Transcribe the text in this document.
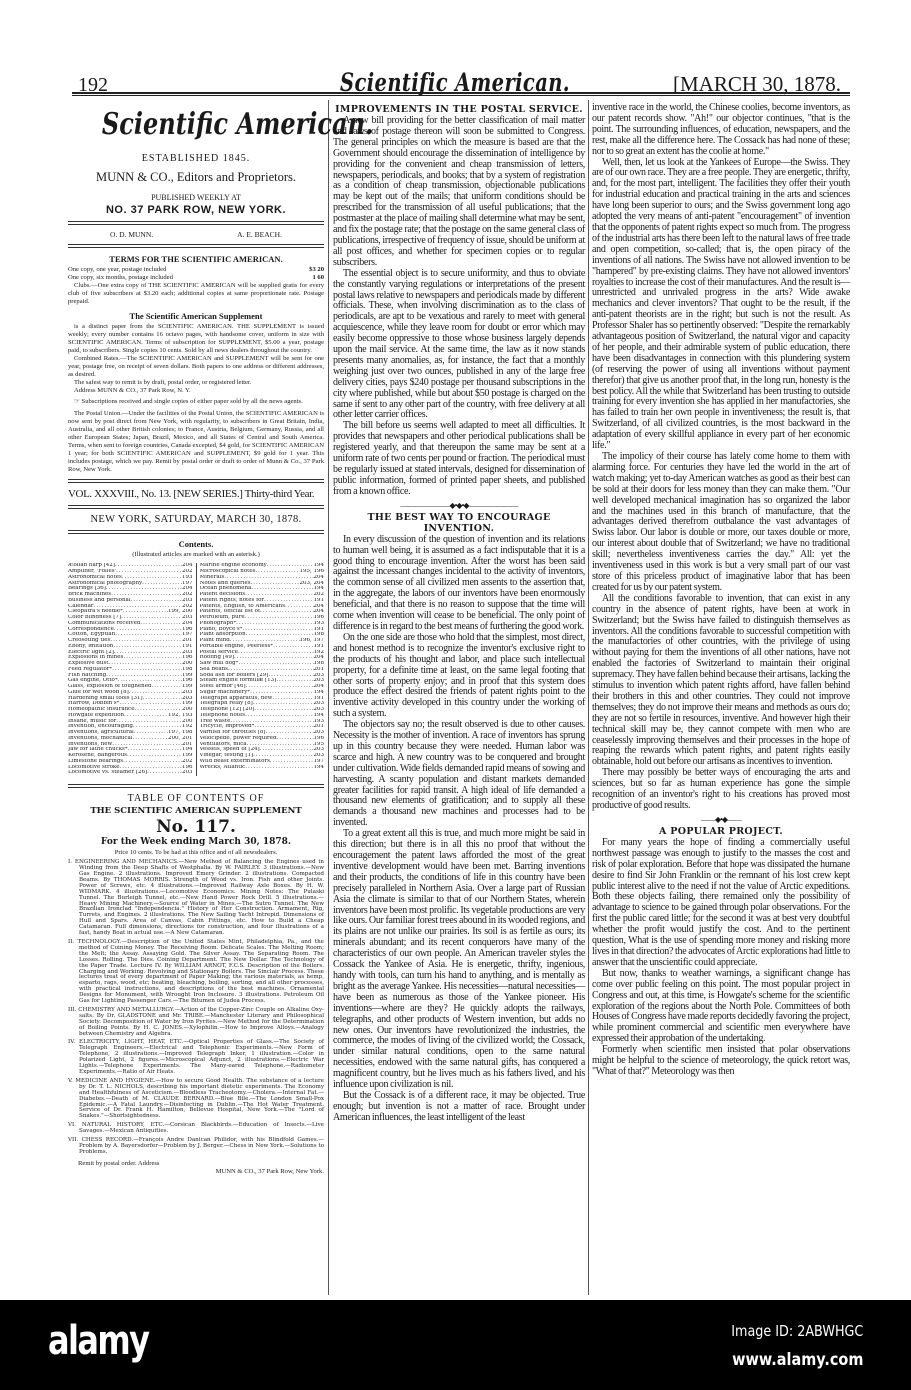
192	Scientific American.	[MARCH 30, 1878.
Scientific American.
ESTABLISHED 1845.
MUNN & CO., Editors and Proprietors.
PUBLISHED WEEKLY AT
NO. 37 PARK ROW, NEW YORK.
O. D. MUNN.	A. E. BEACH.
TERMS FOR THE SCIENTIFIC AMERICAN.
One copy, one year, postage included	$3 20
One copy, six months, postage included	1 60

Clubs.—One extra copy of THE SCIENTIFIC AMERICAN will be supplied gratis for every club of five subscribers at $3.20 each; additional copies at same proportionate rate. Postage prepaid.

The Scientific American Supplement

is a distinct paper from the SCIENTIFIC AMERICAN. THE SUPPLEMENT is issued weekly; every number contains 16 octavo pages, with handsome cover, uniform in size with SCIENTIFIC AMERICAN. Terms of subscription for SUPPLEMENT, $5.00 a year, postage paid, to subscribers. Single copies 10 cents. Sold by all news dealers throughout the country.

Combined Rates.—The SCIENTIFIC AMERICAN and SUPPLEMENT will be sent for one year, postage free, on receipt of seven dollars. Both papers to one address or different addresses, as desired.

The safest way to remit is by draft, postal order, or registered letter.

Address MUNN & CO., 37 Park Row, N. Y.

☞ Subscriptions received and single copies of either paper sold by all the news agents.

The Postal Union.—Under the facilities of the Postal Union, the SCIENTIFIC AMERICAN is now sent by post direct from New York, with regularity, to subscribers in Great Britain, India, Australia, and all other British colonies; to France, Austria, Belgium, Germany, Russia, and all other European States; Japan, Brazil, Mexico, and all States of Central and South America. Terms, when sent to foreign countries, Canada excepted, $4 gold, for SCIENTIFIC AMERICAN 1 year; for both SCIENTIFIC AMERICAN and SUPPLEMENT, $9 gold for 1 year. This includes postage, which we pay. Remit by postal order or draft to order of Munn & Co., 37 Park Row, New York.

VOL. XXXVIII., No. 13. [NEW SERIES.] Thirty-third Year.
NEW YORK, SATURDAY, MARCH 30, 1878.
Contents.
(Illustrated articles are marked with an asterisk.)
Æolian harp [42] .....	204
Amplifier, 'Folles' .....	202
Astronomical notes .....	193
Astronomical photography .....	197
Bearings [36] .....	204
Brick machines .....	202
Business and personal .....	203
Calendar .....	202
Cleopatra's needle* .....	199, 200
Color blindness [7] .....	203
Communications received .....	204
Correspondence .....	196
Cotton, Egyptian .....	197
Creosoting ties .....	201
Ebony, imitation .....	191
Electric light [2] .....	203
Explosions in mines .....	196
Explosive dust .....	200
Feed regulator* .....	198
Fish hatching .....	199
Gas engine, Otto* .....	196
Glass, explosion of toughened .....	199
Glue for wet wood [8] .....	203
Hardening small tools [31] .....	203
Harrow, Dobbin's* .....	199
Homeopathic insurance .....	200
Howgate expedition .....	192, 193
Insane, music for .....	200
Invention, encouraging .....	192
Inventions, agricultural .....	197, 198
Inventions, mechanical .....	200, 201
Inventions, new .....	201
Jaw for lathe chucks* .....	194
Kerosene, dangerous .....	199
Limestone bearings .....	202
Locomotive stroke .....	196
Locomotive vs. steamer [26] .....	203
Marine engine economy .....	194
Microscopical notes .....	195, 196
Minerals .....	204
Notes and queries .....	203, 204
Ocean phenomena .....	194
Patent decisions .....	202
Patent rights, notes for .....	191
Patents, English, to Americans .....	204
Patents, official list of .....	204
Petroleum, pure .....	196
Phonograph* .....	193
Piano, Boyce's* .....	191
Plant absorption .....	198
Plant mind .....	196, 197
Portable engine, Peerless* .....	191
Postal service .....	192
Roofing [49] .....	204
Saw mill dog* .....	198
Sea beans .....	201
Soda ash for boilers [29] .....	203
Steam engine formulæ [13] .....	203
Steel armor [46] .....	204
Sugar machinery* .....	194
Telegraph apparatus, new .....	191
Telegraph relay [8] .....	203
Telephone [12] [20] .....	203
Telephone notes .....	194
Tree waste .....	193
Tricycle, improved* .....	201
Varnish for throttles [8] .....	203
Velocipede, power required .....	196
Ventilators, mica .....	195
Vessels, speed of [24] .....	203
Vinegar, testing [1] .....	203
Wild beast exterminators .....	197
Wrecks, Atlantic .....	194
TABLE OF CONTENTS OF
THE SCIENTIFIC AMERICAN SUPPLEMENT
No. 117.
For the Week ending March 30, 1878.
Price 10 cents. To be had at this office and of all newsdealers.
I. ENGINEERING AND MECHANICS.—New Method of Balancing the Engines used in Winding from the Deep Shafts of Westphalia. By W. FAIRLEY. 3 illustrations.—New Gas Engine. 2 illustrations. Improved Emery Grinder. 2 illustrations. Compacted Beams. By THOMAS MORRIS. Strength of Wood vs. Iron. Fish and other Joints. Power of Screws, etc. 4 illustrations.—Improved Railway Axle Boxes. By H. W. WIDMARK. 4 illustrations.—Locomotive Economics. Mining Notes: The Pulaski Tunnel. The Burleigh Tunnel, etc.—New Hand Power Rock Drill. 5 illustrations.—Heavy Mining Machinery.—Source of Water in Mines.—The Sutro Tunnel. The New Brazilian Ironclad "Independencia." History of Her Construction. Armament, Rig, Turrets, and Engines. 2 illustrations. The New Sailing Yacht Intrepid. Dimensions of Hull and Spars. Area of Canvas, Cabin Fittings, etc. How to Build a Cheap Catamaran. Full dimensions, directions for construction, and four illustrations of a fast, handy Boat in actual use.—A New Catamaran.
II. TECHNOLOGY.—Description of the United States Mint, Philadelphia, Pa., and the method of Coining Money. The Receiving Room. Delicate Scales. The Melting Room; the Melt; the Assay. Assaying Gold. The Silver Assay. The Separating Room. The Losses. Rolling. The Dies. Coining Department. The New Dollar. The Technology of the Paper Trade. Lecture IV. By WILLIAM ARNOT, F.C.S. Description of the Boilers. Charging and Working. Revolving and Stationary Boilers. The Sinclair Process. These lectures treat of every department of Paper Making; the various materials, as hemp, esparto, rags, wood, etc; beating, bleaching, boiling, sorting, and all other processes, with practical instructions, and descriptions of the best machines. Ornamental Designs for Monument, with Wrought Iron Inclosure. 3 illustrations. Petroleum Oil Gas for Lighting Passenger Cars.—The Bitumen of Judea Process.
III. CHEMISTRY AND METALLURGY.—Action of the Copper-Zinc Couple on Alkaline Oxy-salts. By Dr. GLADSTONE and Mr. TRIBE.—Manchester Literary and Philosophical Society. Decomposition of Water by Iron Pyrites.—New Method for the Determination of Boiling Points. By H. C. JONES.—Xylophilin.—How to Improve Alloys.—Analogy between Chemistry and Algebra.
IV. ELECTRICITY, LIGHT, HEAT, ETC.—Optical Properties of Glass.—The Society of Telegraph Engineers.—Electrical and Telephonic Experiments.—New Form of Telephone, 2 illustrations.—Improved Telegraph Inker, 1 illustration.—Color in Polarized Light, 2 figures.—Microscopical Adjunct, 2 illustrations.—Electric War Lights.—Telephone Experiments. The Many-eared Telephone.—Radiometer Experiments.—Ratio of Air Heats.
V. MEDICINE AND HYGIENE.—How to secure Good Health. The substance of a lecture by Dr. T. L. NICHOLS, describing his important dietetic experiments. The Economy and Healthfulness of Asceticism.—Bloodless Tracheotomy.—Cholera.—Internal Fat.—Diabetes.—Death of M. CLAUDE BERNARD.—Blue Bile.—The London Small-Pox Epidemic.—A Fatal Laundry.—Disinfecting in Dublin.—The Hot Water Treatment. Service of Dr. Frank H. Hamilton, Bellevue Hospital, New York.—The "Lord of Snakes."—Shortsightedness.
VI. NATURAL HISTORY, ETC.—Corsican Blackbirds.—Education of Insects.—Live Savages.—Mexican Antiquities.
VII. CHESS RECORD.—François Andre Danican Philidor, with his Blindfold Games.—Problem by A. Bayersdorfer—Problem by J. Berger.—Chess in New York.—Solutions to Problems.
Remit by postal order. Address
MUNN & CO., 37 Park Row, New York.
IMPROVEMENTS IN THE POSTAL SERVICE.

A new bill providing for the better classification of mail matter and rates of postage thereon will soon be submitted to Congress. The general principles on which the measure is based are that the Government should encourage the dissemination of intelligence by providing for the convenient and cheap transmission of letters, newspapers, periodicals, and books; that by a system of registration as a condition of cheap transmission, objectionable publications may be kept out of the mails; that uniform conditions should be prescribed for the transmission of all useful publications; that the postmaster at the place of mailing shall determine what may be sent, and fix the postage rate; that the postage on the same general class of publications, irrespective of frequency of issue, should be uniform at all post offices, and whether for specimen copies or to regular subscribers.

The essential object is to secure uniformity, and thus to obviate the constantly varying regulations or interpretations of the present postal laws relative to newspapers and periodicals made by different officials. These, when involving discrimination as to the class of periodicals, are apt to be vexatious and rarely to meet with general acquiescence, while they leave room for doubt or error which may easily become oppressive to those whose business largely depends upon the mail service. At the same time, the law as it now stands presents many anomalies, as, for instance, the fact that a monthly weighing just over two ounces, published in any of the large free delivery cities, pays $240 postage per thousand subscriptions in the city where published, while but about $50 postage is charged on the same if sent to any other part of the country, with free delivery at all other letter carrier offices.

The bill before us seems well adapted to meet all difficulties. It provides that newspapers and other periodical publications shall be registered yearly, and that thereupon the same may be sent at a uniform rate of two cents per pound or fraction. The periodical must be regularly issued at stated intervals, designed for dissemination of public information, formed of printed paper sheets, and published from a known office.

———————◆•◆•◆———————
THE BEST WAY TO ENCOURAGE INVENTION.

In every discussion of the question of invention and its relations to human well being, it is assumed as a fact indisputable that it is a good thing to encourage invention. After the worst has been said against the incessant changes incidental to the activity of inventors, the common sense of all civilized men assents to the assertion that, in the aggregate, the labors of our inventors have been enormously beneficial, and that there is no reason to suppose that the time will come when invention will cease to be beneficial. The only point of difference is in regard to the best means of furthering the good work.

On the one side are those who hold that the simplest, most direct, and honest method is to recognize the inventor's exclusive right to the products of his thought and labor, and place such intellectual property, for a definite time at least, on the same legal footing that other sorts of property enjoy; and in proof that this system does produce the effect desired the friends of patent rights point to the inventive activity developed in this country under the working of such a system.

The objectors say no; the result observed is due to other causes. Necessity is the mother of invention. A race of inventors has sprung up in this country because they were needed. Human labor was scarce and high. A new country was to be conquered and brought under cultivation. Wide fields demanded rapid means of sowing and harvesting. A scanty population and distant markets demanded greater facilities for rapid transit. A high ideal of life demanded a thousand new elements of gratification; and to supply all these demands a thousand new machines and processes had to be invented.

To a great extent all this is true, and much more might be said in this direction; but there is in all this no proof that without the encouragement the patent laws afforded the most of the great inventive development would have been met. Barring inventions and their products, the conditions of life in this country have been precisely paralleled in Northern Asia. Over a large part of Russian Asia the climate is similar to that of our Northern States, wherein inventors have been most prolific. Its vegetable productions are very like ours. Our familiar forest trees abound in its wooded regions, and its plains are not unlike our prairies. Its soil is as fertile as ours; its minerals abundant; and its recent conquerors have many of the characteristics of our own people. An American traveler styles the Cossack the Yankee of Asia. He is energetic, thrifty, ingenious, handy with tools, can turn his hand to anything, and is mentally as bright as the average Yankee. His necessities—natural necessities—have been as numerous as those of the Yankee pioneer. His inventions—where are they? He quickly adopts the railways, telegraphs, and other products of Western invention, but adds no new ones. Our inventors have revolutionized the industries, the commerce, the modes of living of the civilized world; the Cossack, under similar natural conditions, open to the same natural necessities, endowed with the same natural gifts, has conquered a magnificent country, but he lives much as his fathers lived, and his influence upon civilization is nil.

But the Cossack is of a different race, it may be objected. True enough; but invention is not a matter of race. Brought under American influences, the least intelligent of the least

inventive race in the world, the Chinese coolies, become inventors, as our patent records show. "Ah!" our objector continues, "that is the point. The surrounding influences, of education, newspapers, and the rest, make all the difference here. The Cossack has had none of these; nor to so great an extent has the coolie at home."

Well, then, let us look at the Yankees of Europe—the Swiss. They are of our own race. They are a free people. They are energetic, thrifty, and, for the most part, intelligent. The facilities they offer their youth for industrial education and practical training in the arts and sciences have long been superior to ours; and the Swiss government long ago adopted the very means of anti-patent "encouragement" of invention that the opponents of patent rights expect so much from. The progress of the industrial arts has there been left to the natural laws of free trade and open competition, so-called; that is, the open piracy of the inventions of all nations. The Swiss have not allowed invention to be "hampered" by pre-existing claims. They have not allowed inventors' royalties to increase the cost of their manufactures. And the result is—unrestricted and unrivaled progress in the arts? Wide awake mechanics and clever inventors? That ought to be the result, if the anti-patent theorists are in the right; but such is not the result. As Professor Shaler has so pertinently observed: "Despite the remarkably advantageous position of Switzerland, the natural vigor and capacity of her people, and their admirable system of public education, there have been disadvantages in connection with this plundering system (of reserving the power of using all inventions without payment therefor) that give us another proof that, in the long run, honesty is the best policy. All the while that Switzerland has been trusting to outside training for every invention she has applied in her manufactories, she has failed to train her own people in inventiveness; the result is, that Switzerland, of all civilized countries, is the most backward in the adaptation of every skillful appliance in every part of her economic life."

The impolicy of their course has lately come home to them with alarming force. For centuries they have led the world in the art of watch making; yet to-day American watches as good as their best can be sold at their doors for less money than they can make them. "Our well developed mechanical imagination has so organized the labor and the machines used in this branch of manufacture, that the advantages derived therefrom outbalance the vast advantages of Swiss labor. Our labor is double or more, our taxes double or more, our interest about double that of Switzerland; we have no traditional skill; nevertheless inventiveness carries the day." All: yet the inventiveness used in this work is but a very small part of our vast store of this priceless product of imaginative labor that has been created for us by our patent system.

All the conditions favorable to invention, that can exist in any country in the absence of patent rights, have been at work in Switzerland; but the Swiss have failed to distinguish themselves as inventors. All the conditions favorable to successful competition with the manufactories of other countries, with the privilege of using without paying for them the inventions of all other nations, have not enabled the factories of Switzerland to maintain their original supremacy. They have fallen behind because their artisans, lacking the stimulus to invention which patent rights afford, have fallen behind their brothers in this and other countries. They could not improve themselves; they do not improve their means and methods as ours do; they are not so fertile in resources, inventive. And however high their technical skill may be, they cannot compete with men who are ceaselessly improving themselves and their processes in the hope of reaping the rewards which patent rights, and patent rights easily obtainable, hold out before our artisans as incentives to invention.

There may possibly be better ways of encouraging the arts and sciences, but so far as human experience has gone the simple recognition of an inventor's right to his creations has proved most productive of good results.

——◆•◆——
A POPULAR PROJECT.

For many years the hope of finding a commercially useful northwest passage was enough to justify to the masses the cost and risk of polar exploration. Before that hope was dissipated the humane desire to find Sir John Franklin or the remnant of his lost crew kept public interest alive to the need if not the value of Arctic expeditions. Both these objects failing, there remained only the possibility of advantage to science to be gained through polar observations. For the first the public cared little; for the second it was at best very doubtful whether the profit would justify the cost. And to the pertinent question, What is the use of spending more money and risking more lives in that direction? the advocates of Arctic explorations had little to answer that the unscientific could appreciate.

But now, thanks to weather warnings, a significant change has come over public feeling on this point. The most popular project in Congress and out, at this time, is Howgate's scheme for the scientific exploration of the regions about the North Pole. Committees of both Houses of Congress have made reports decidedly favoring the project, while prominent commercial and scientific men everywhere have expressed their approbation of the undertaking.

Formerly when scientific men insisted that polar observations might be helpful to the science of meteorology, the quick retort was, "What of that?" Meteorology was then

alamy	Image ID: 2ABWHGC
www.alamy.com
